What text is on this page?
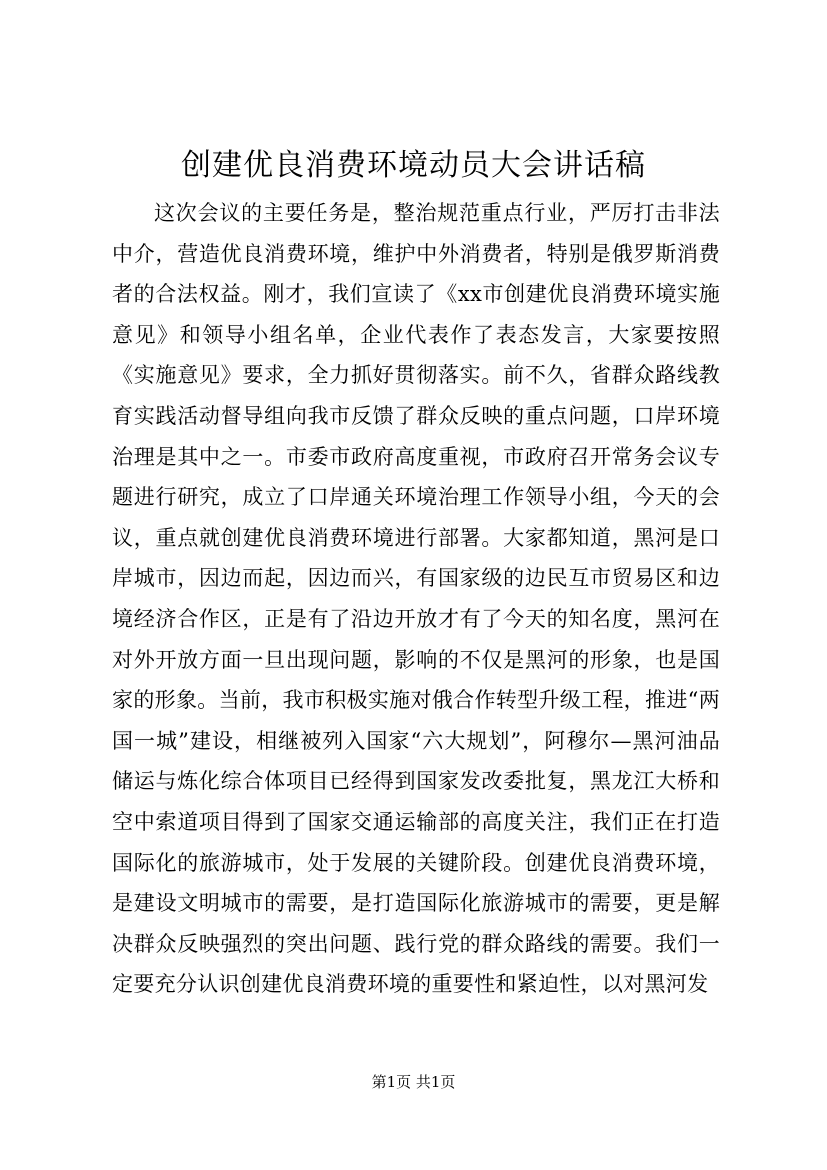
创建优良消费环境动员大会讲话稿

这次会议的主要任务是，整治规范重点行业，严厉打击非法中介，营造优良消费环境，维护中外消费者，特别是俄罗斯消费者的合法权益。刚才，我们宣读了《xx市创建优良消费环境实施意见》和领导小组名单，企业代表作了表态发言，大家要按照《实施意见》要求，全力抓好贯彻落实。前不久，省群众路线教育实践活动督导组向我市反馈了群众反映的重点问题，口岸环境治理是其中之一。市委市政府高度重视，市政府召开常务会议专题进行研究，成立了口岸通关环境治理工作领导小组，今天的会议，重点就创建优良消费环境进行部署。大家都知道，黑河是口岸城市，因边而起，因边而兴，有国家级的边民互市贸易区和边境经济合作区，正是有了沿边开放才有了今天的知名度，黑河在对外开放方面一旦出现问题，影响的不仅是黑河的形象，也是国家的形象。当前，我市积极实施对俄合作转型升级工程，推进“两国一城”建设，相继被列入国家“六大规划”，阿穆尔—黑河油品储运与炼化综合体项目已经得到国家发改委批复，黑龙江大桥和空中索道项目得到了国家交通运输部的高度关注，我们正在打造国际化的旅游城市，处于发展的关键阶段。创建优良消费环境，是建设文明城市的需要，是打造国际化旅游城市的需要，更是解决群众反映强烈的突出问题、践行党的群众路线的需要。我们一定要充分认识创建优良消费环境的重要性和紧迫性，以对黑河发

第1页 共1页
